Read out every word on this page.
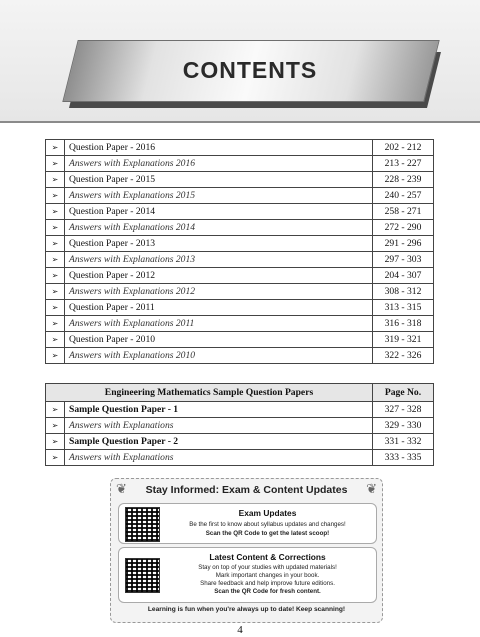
CONTENTS
➢	Question Paper - 2016	202 - 212
➢	Answers with Explanations 2016	213 - 227
➢	Question Paper - 2015	228 - 239
➢	Answers with Explanations 2015	240 - 257
➢	Question Paper - 2014	258 - 271
➢	Answers with Explanations 2014	272 - 290
➢	Question Paper - 2013	291 - 296
➢	Answers with Explanations 2013	297 - 303
➢	Question Paper - 2012	204 - 307
➢	Answers with Explanations 2012	308 - 312
➢	Question Paper - 2011	313 - 315
➢	Answers with Explanations 2011	316 - 318
➢	Question Paper - 2010	319 - 321
➢	Answers with Explanations 2010	322 - 326
Engineering Mathematics Sample Question Papers		Page No.
➢	Sample Question Paper - 1	327 - 328
➢	Answers with Explanations	329 - 330
➢	Sample Question Paper - 2	331 - 332
➢	Answers with Explanations	333 - 335
❦	❦
Stay Informed: Exam & Content Updates
Exam Updates
Be the first to know about syllabus updates and changes!
Scan the QR Code to get the latest scoop!
Latest Content & Corrections
Stay on top of your studies with updated materials!
Mark important changes in your book.
Share feedback and help improve future editions.
Scan the QR Code for fresh content.
Learning is fun when you're always up to date! Keep scanning!
4
